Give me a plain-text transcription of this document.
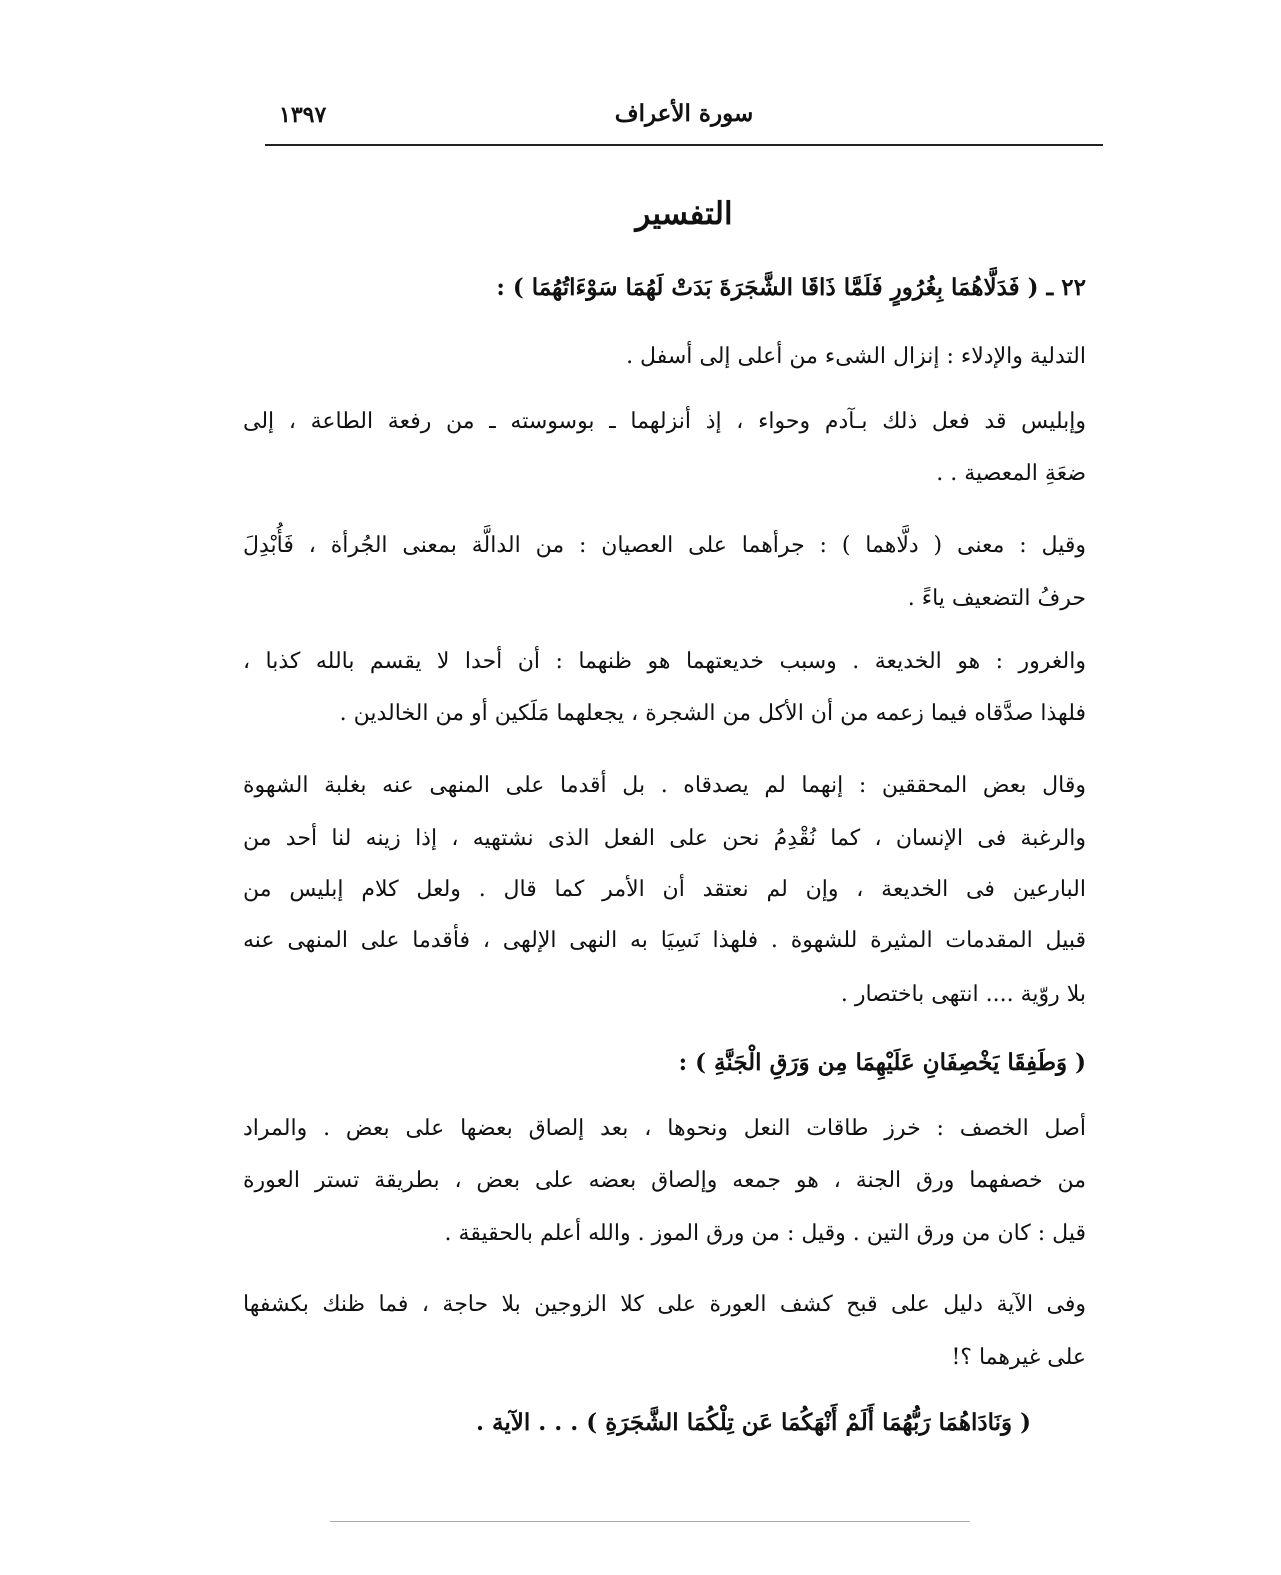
سورة الأعراف
١٣٩٧
التفسير
٢٢ ـ ( فَدَلَّاهُمَا بِغُرُورٍ فَلَمَّا ذَاقَا الشَّجَرَةَ بَدَتْ لَهُمَا سَوْءَاتُهُمَا ) :
التدلية والإدلاء : إنزال الشىء من أعلى إلى أسفل .
وإبليس قد فعل ذلك بـآدم وحواء ، إذ أنزلهما ـ بوسوسته ـ من رفعة الطاعة ، إلى
ضعَةِ المعصية . .
وقيل : معنى ( دلَّاهما ) : جرأهما على العصيان : من الدالَّة بمعنى الجُرأة ، فَأُبْدِلَ
حرفُ التضعيف ياءً .
والغرور : هو الخديعة . وسبب خديعتهما هو ظنهما : أن أحدا لا يقسم بالله كذبا ،
فلهذا صدَّقاه فيما زعمه من أن الأكل من الشجرة ، يجعلهما مَلَكين أو من الخالدين .
وقال بعض المحققين : إنهما لم يصدقاه . بل أقدما على المنهى عنه بغلبة الشهوة
والرغبة فى الإنسان ، كما نُقْدِمُ نحن على الفعل الذى نشتهيه ، إذا زينه لنا أحد من
البارعين فى الخديعة ، وإن لم نعتقد أن الأمر كما قال . ولعل كلام إبليس من
قبيل المقدمات المثيرة للشهوة . فلهذا نَسِيَا به النهى الإلهى ، فأقدما على المنهى عنه
بلا روّية .... انتهى باختصار .
( وَطَفِقَا يَخْصِفَانِ عَلَيْهِمَا مِن وَرَقِ الْجَنَّةِ ) :
أصل الخصف : خرز طاقات النعل ونحوها ، بعد إلصاق بعضها على بعض . والمراد
من خصفهما ورق الجنة ، هو جمعه وإلصاق بعضه على بعض ، بطريقة تستر العورة
قيل : كان من ورق التين . وقيل : من ورق الموز . والله أعلم بالحقيقة .
وفى الآية دليل على قبح كشف العورة على كلا الزوجين بلا حاجة ، فما ظنك بكشفها
على غيرهما ؟!
( وَنَادَاهُمَا رَبُّهُمَا أَلَمْ أَنْهَكُمَا عَن تِلْكُمَا الشَّجَرَةِ ) . . . الآية .
